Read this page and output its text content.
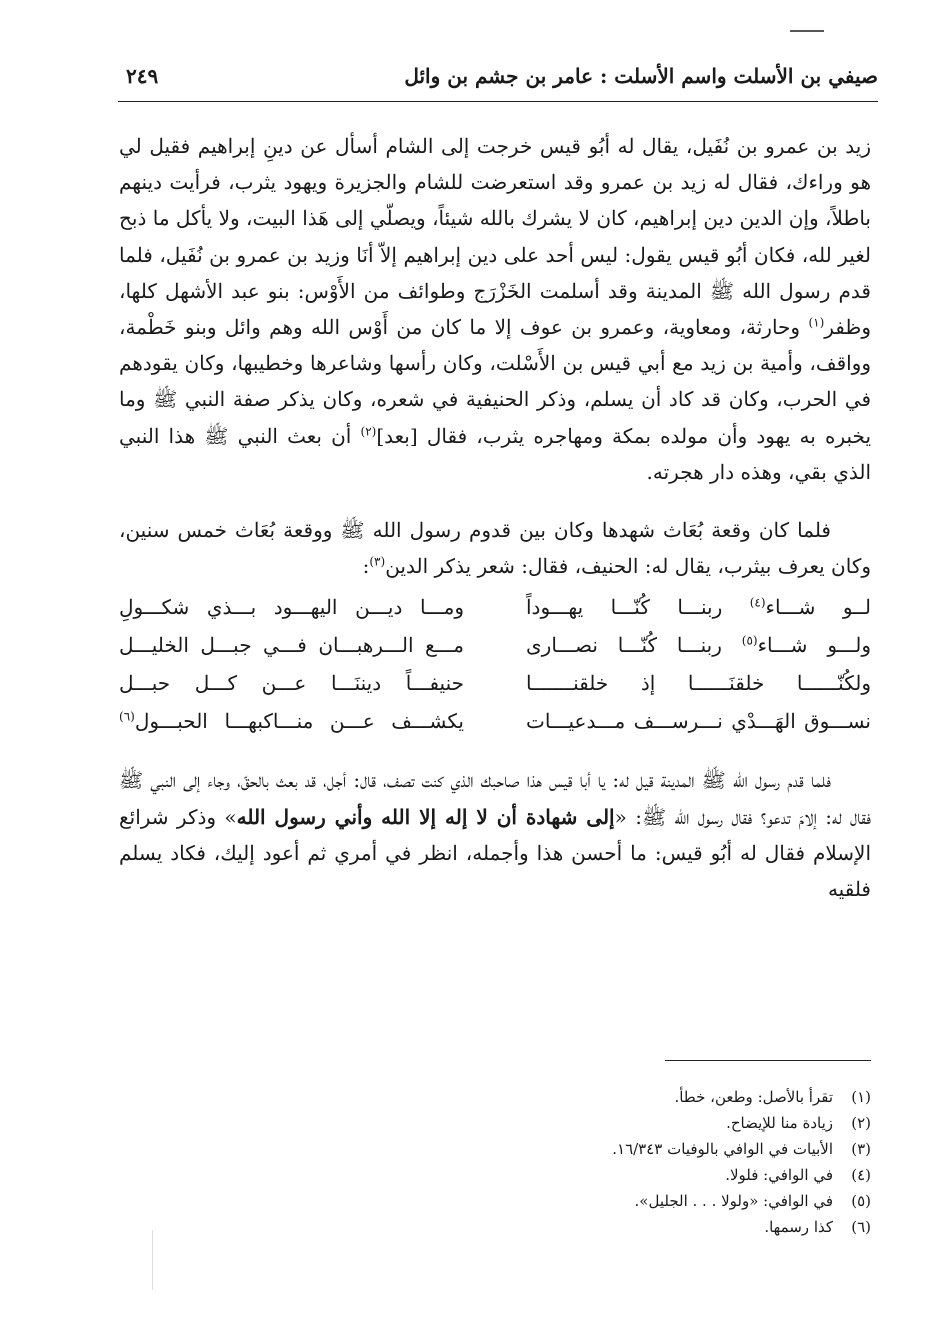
صيفي بن الأسلت واسم الأسلت : عامر بن جشم بن وائل
٢٤٩

زيد بن عمرو بن نُفَيل، يقال له أبُو قيس خرجت إلى الشام أسأل عن دينِ إبراهيم فقيل لي هو وراءك، فقال له زيد بن عمرو وقد استعرضت للشام والجزيرة ويهود يثرب، فرأيت دينهم باطلاً، وإن الدين دين إبراهيم، كان لا يشرك بالله شيئاً، ويصلّي إلى هَذا البيت، ولا يأكل ما ذبح لغير لله، فكان أبُو قيس يقول: ليس أحد على دين إبراهيم إلاّ أنَا وزيد بن عمرو بن نُفَيل، فلما قدم رسول الله ﷺ المدينة وقد أسلمت الخَزْرَج وطوائف من الأَوْس: بنو عبد الأشهل كلها، وظفر$^{(١)}$ وحارثة، ومعاوية، وعمرو بن عوف إلا ما كان من أَوْس الله وهم وائل وبنو خَطْمة، وواقف، وأمية بن زيد مع أبي قيس بن الأَسْلت، وكان رأسها وشاعرها وخطيبها، وكان يقودهم في الحرب، وكان قد كاد أن يسلم، وذكر الحنيفية في شعره، وكان يذكر صفة النبي ﷺ وما يخبره به يهود وأن مولده بمكة ومهاجره يثرب، فقال [بعد]$^{(٢)}$ أن بعث النبي ﷺ هذا النبي الذي بقي، وهذه دار هجرته.

فلما كان وقعة بُعَاث شهدها وكان بين قدوم رسول الله ﷺ ووقعة بُعَاث خمس سنين، وكان يعرف بيثرب، يقال له: الحنيف، فقال: شعر يذكر الدين$^{(٣)}$:

لــو شـــاء$^{(٤)}$ ربنـــا كُنّـــا يهـــوداً
ومـــا ديـــن اليهـــود بـــذي شكـــولِ
ولـــو شـــاء$^{(٥)}$ ربنـــا كُنّـــا نصـــارى
مـــع الـــرهبـــان فـــي جبـــل الخليـــل
ولكُنّــــــا خلقنَــــــا إذ خلقنـــــــا
حنيفـــاً ديننَـــا عـــن كـــل حبـــل
نســـوق الهَـــدْي نـــرســـف مـــدعيـــات
يكشـــف عـــن منـــاكبهـــا الحبـــول$^{(٦)}$

فلما قدم رسول الله ﷺ المدينة قيل له: يا أبا قيس هذا صاحبك الذي كنت تصف، قال: أجل، قد بعث بالحقّ، وجاء إلى النبي ﷺ فقال له: إلامَ تدعو؟ فقال رسول الله ﷺ: «إلى شهادة أن لا إله إلا الله وأني رسول الله» وذكر شرائع الإسلام فقال له أبُو قيس: ما أحسن هذا وأجمله، انظر في أمري ثم أعود إليك، فكاد يسلم فلقيه

(١)تقرأ بالأصل: وطعن، خطأ.
(٢)زيادة منا للإيضاح.
(٣)الأبيات في الوافي بالوفيات ١٦/٣٤٣.
(٤)في الوافي: فلولا.
(٥)في الوافي: «ولولا . . . الجليل».
(٦)كذا رسمها.
